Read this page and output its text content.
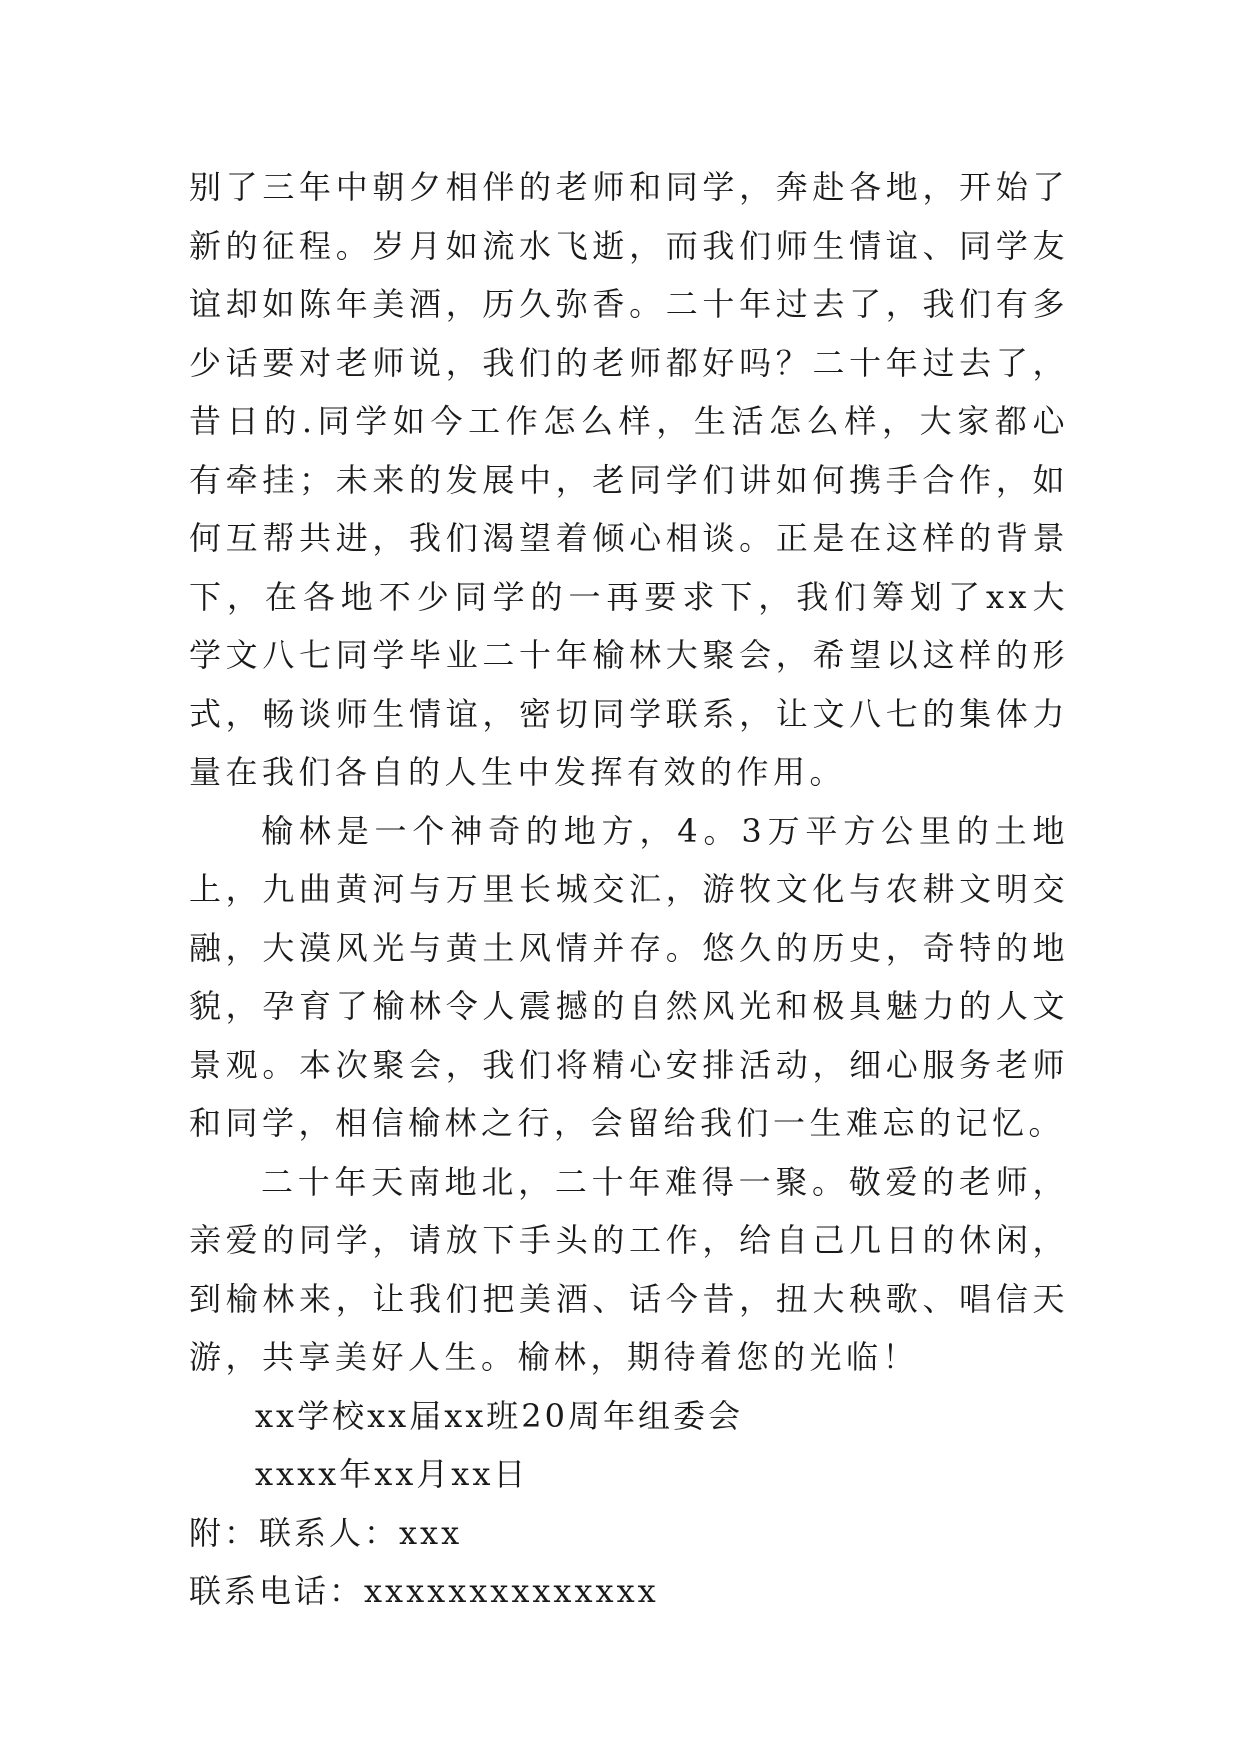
别了三年中朝夕相伴的老师和同学，奔赴各地，开始了新的征程。岁月如流水飞逝，而我们师生情谊、同学友谊却如陈年美酒，历久弥香。二十年过去了，我们有多少话要对老师说，我们的老师都好吗？二十年过去了，昔日的.同学如今工作怎么样，生活怎么样，大家都心有牵挂；未来的发展中，老同学们讲如何携手合作，如何互帮共进，我们渴望着倾心相谈。正是在这样的背景下，在各地不少同学的一再要求下，我们筹划了xx大学文八七同学毕业二十年榆林大聚会，希望以这样的形式，畅谈师生情谊，密切同学联系，让文八七的集体力量在我们各自的人生中发挥有效的作用。

榆林是一个神奇的地方，4。3万平方公里的土地上，九曲黄河与万里长城交汇，游牧文化与农耕文明交融，大漠风光与黄土风情并存。悠久的历史，奇特的地貌，孕育了榆林令人震撼的自然风光和极具魅力的人文景观。本次聚会，我们将精心安排活动，细心服务老师和同学，相信榆林之行，会留给我们一生难忘的记忆。

二十年天南地北，二十年难得一聚。敬爱的老师，亲爱的同学，请放下手头的工作，给自己几日的休闲，到榆林来，让我们把美酒、话今昔，扭大秧歌、唱信天游，共享美好人生。榆林，期待着您的光临！

xx学校xx届xx班20周年组委会

xxxx年xx月xx日

附：联系人：xxx

联系电话：xxxxxxxxxxxxxx
